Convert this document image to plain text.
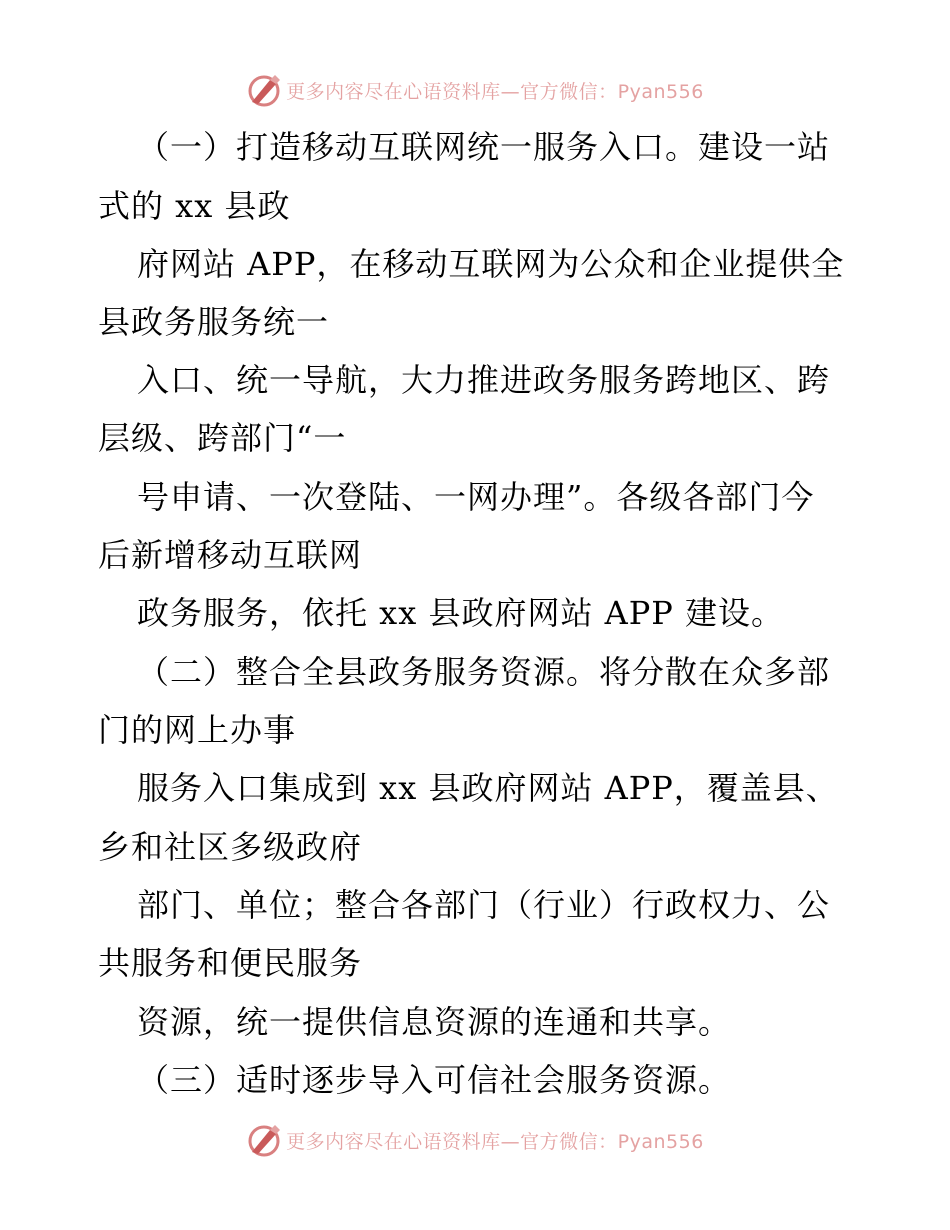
更多内容尽在心语资料库—官方微信：Pyan556
（一）打造移动互联网统一服务入口。建设一站
式的 xx 县政
府网站 APP，在移动互联网为公众和企业提供全
县政务服务统一
入口、统一导航，大力推进政务服务跨地区、跨
层级、跨部门“一
号申请、一次登陆、一网办理”。各级各部门今
后新增移动互联网
政务服务，依托 xx 县政府网站 APP 建设。
（二）整合全县政务服务资源。将分散在众多部
门的网上办事
服务入口集成到 xx 县政府网站 APP，覆盖县、
乡和社区多级政府
部门、单位；整合各部门（行业）行政权力、公
共服务和便民服务
资源，统一提供信息资源的连通和共享。
（三）适时逐步导入可信社会服务资源。
更多内容尽在心语资料库—官方微信：Pyan556
